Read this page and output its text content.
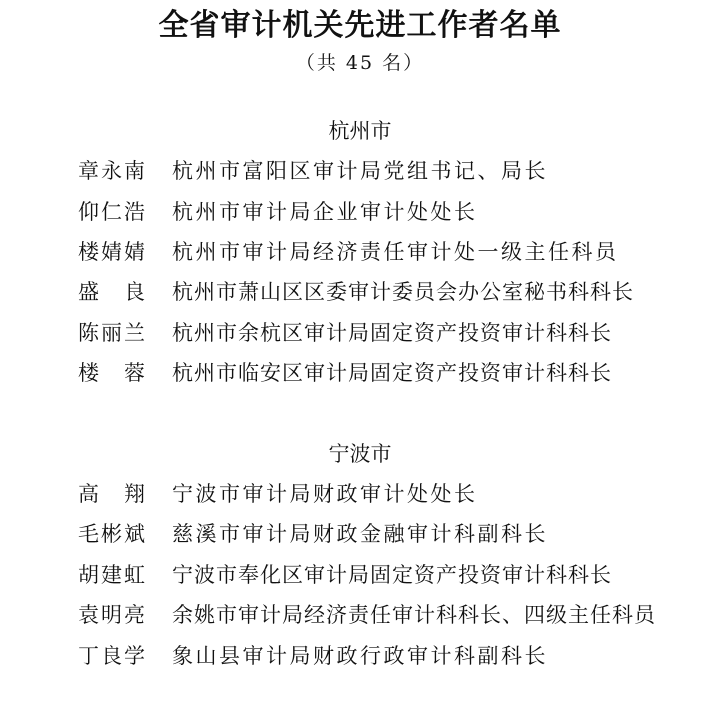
全省审计机关先进工作者名单
（共 45 名）
杭州市
章永南 杭州市富阳区审计局党组书记、局长
仰仁浩 杭州市审计局企业审计处处长
楼婧婧 杭州市审计局经济责任审计处一级主任科员
盛　良 杭州市萧山区区委审计委员会办公室秘书科科长
陈丽兰 杭州市余杭区审计局固定资产投资审计科科长
楼　蓉 杭州市临安区审计局固定资产投资审计科科长
宁波市
高　翔 宁波市审计局财政审计处处长
毛彬斌 慈溪市审计局财政金融审计科副科长
胡建虹 宁波市奉化区审计局固定资产投资审计科科长
袁明亮 余姚市审计局经济责任审计科科长、四级主任科员
丁良学 象山县审计局财政行政审计科副科长
